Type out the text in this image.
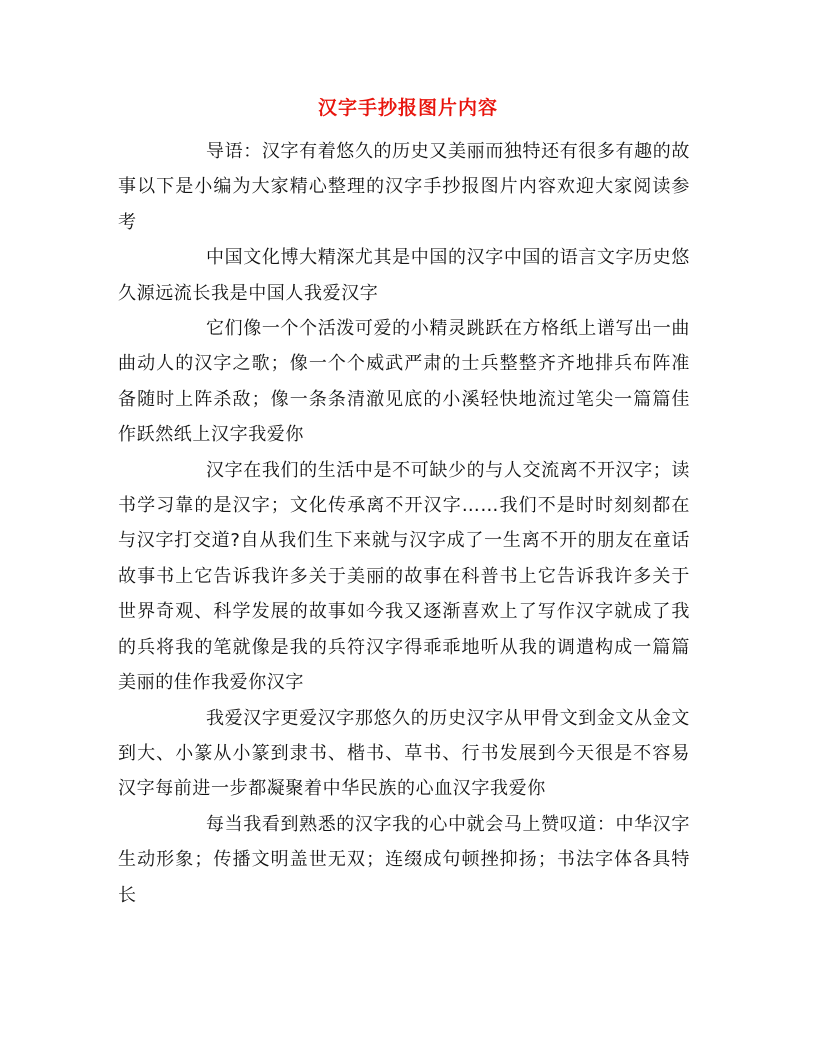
汉字手抄报图片内容

导语：汉字有着悠久的历史又美丽而独特还有很多有趣的故事以下是小编为大家精心整理的汉字手抄报图片内容欢迎大家阅读参考

中国文化博大精深尤其是中国的汉字中国的语言文字历史悠久源远流长我是中国人我爱汉字

它们像一个个活泼可爱的小精灵跳跃在方格纸上谱写出一曲曲动人的汉字之歌；像一个个威武严肃的士兵整整齐齐地排兵布阵准备随时上阵杀敌；像一条条清澈见底的小溪轻快地流过笔尖一篇篇佳作跃然纸上汉字我爱你

汉字在我们的生活中是不可缺少的与人交流离不开汉字；读书学习靠的是汉字；文化传承离不开汉字……我们不是时时刻刻都在与汉字打交道?自从我们生下来就与汉字成了一生离不开的朋友在童话故事书上它告诉我许多关于美丽的故事在科普书上它告诉我许多关于世界奇观、科学发展的故事如今我又逐渐喜欢上了写作汉字就成了我的兵将我的笔就像是我的兵符汉字得乖乖地听从我的调遣构成一篇篇美丽的佳作我爱你汉字

我爱汉字更爱汉字那悠久的历史汉字从甲骨文到金文从金文到大、小篆从小篆到隶书、楷书、草书、行书发展到今天很是不容易汉字每前进一步都凝聚着中华民族的心血汉字我爱你

每当我看到熟悉的汉字我的心中就会马上赞叹道：中华汉字生动形象；传播文明盖世无双；连缀成句顿挫抑扬；书法字体各具特长
